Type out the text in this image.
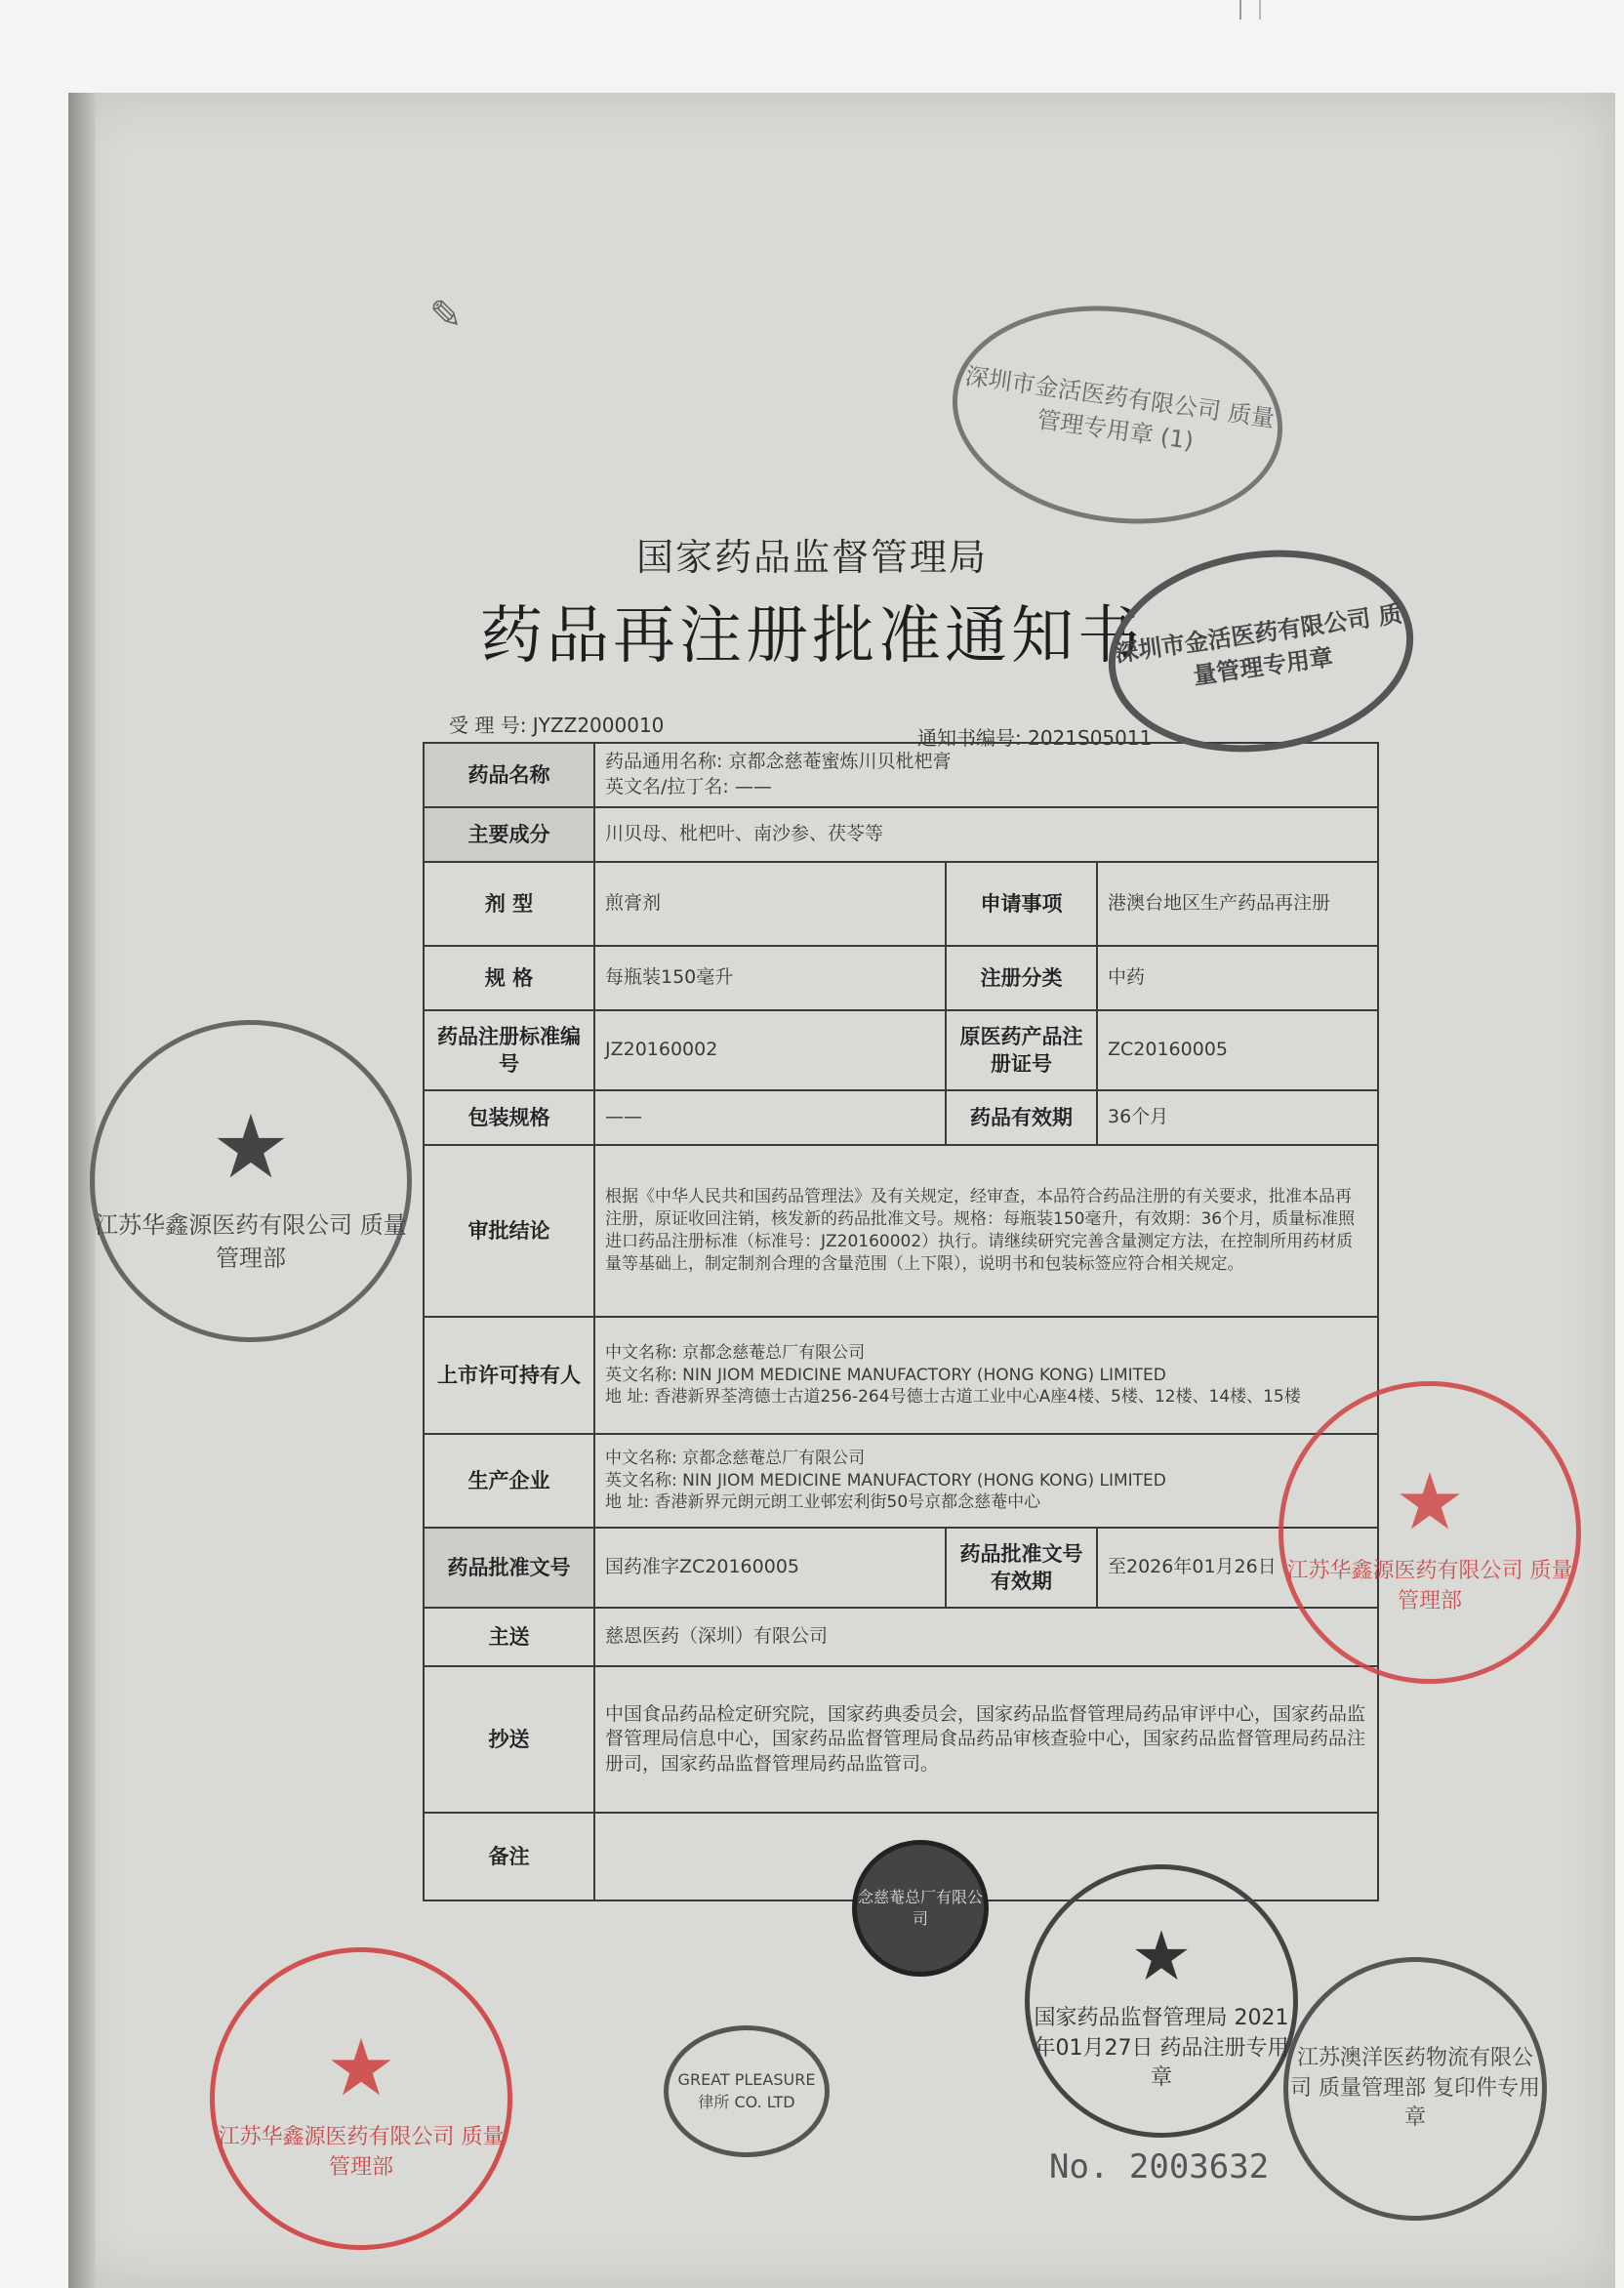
✎
国家药品监督管理局
药品再注册批准通知书
受 理 号: JYZZ2000010
通知书编号: 2021S05011
药品名称	药品通用名称: 京都念慈菴蜜炼川贝枇杷膏
英文名/拉丁名: ——		

主要成分	川贝母、枇杷叶、南沙参、茯苓等		
剂 型	煎膏剂	申请事项	港澳台地区生产药品再注册
规 格	每瓶装150毫升	注册分类	中药
药品注册标准编号	JZ20160002	原医药产品注册证号	ZC20160005
包装规格	——	药品有效期	36个月
审批结论	根据《中华人民共和国药品管理法》及有关规定，经审查，本品符合药品注册的有关要求，批准本品再注册，原证收回注销，核发新的药品批准文号。规格：每瓶装150毫升，有效期：36个月，质量标准照进口药品注册标准（标准号：JZ20160002）执行。请继续研究完善含量测定方法，在控制所用药材质量等基础上，制定制剂合理的含量范围（上下限），说明书和包装标签应符合相关规定。		
上市许可持有人	中文名称: 京都念慈菴总厂有限公司
英文名称: NIN JIOM MEDICINE MANUFACTORY (HONG KONG) LIMITED
地 址: 香港新界荃湾德士古道256-264号德士古道工业中心A座4楼、5楼、12楼、14楼、15楼		

生产企业	中文名称: 京都念慈菴总厂有限公司
英文名称: NIN JIOM MEDICINE MANUFACTORY (HONG KONG) LIMITED
地 址: 香港新界元朗元朗工业邨宏利街50号京都念慈菴中心		

药品批准文号	国药准字ZC20160005	药品批准文号有效期	至2026年01月26日
主送	慈恩医药（深圳）有限公司		
抄送	中国食品药品检定研究院，国家药典委员会，国家药品监督管理局药品审评中心，国家药品监督管理局信息中心，国家药品监督管理局食品药品审核查验中心，国家药品监督管理局药品注册司，国家药品监督管理局药品监管司。		
备注			
深圳市金活医药有限公司 质量管理专用章 (1)
深圳市金活医药有限公司 质量管理专用章
★
江苏华鑫源医药有限公司 质量管理部
★
江苏华鑫源医药有限公司 质量管理部
★
江苏华鑫源医药有限公司 质量管理部
念慈菴总厂有限公司
GREAT PLEASURE 律所 CO. LTD
★
国家药品监督管理局 2021年01月27日 药品注册专用章
江苏澳洋医药物流有限公司 质量管理部 复印件专用章
No. 2003632
